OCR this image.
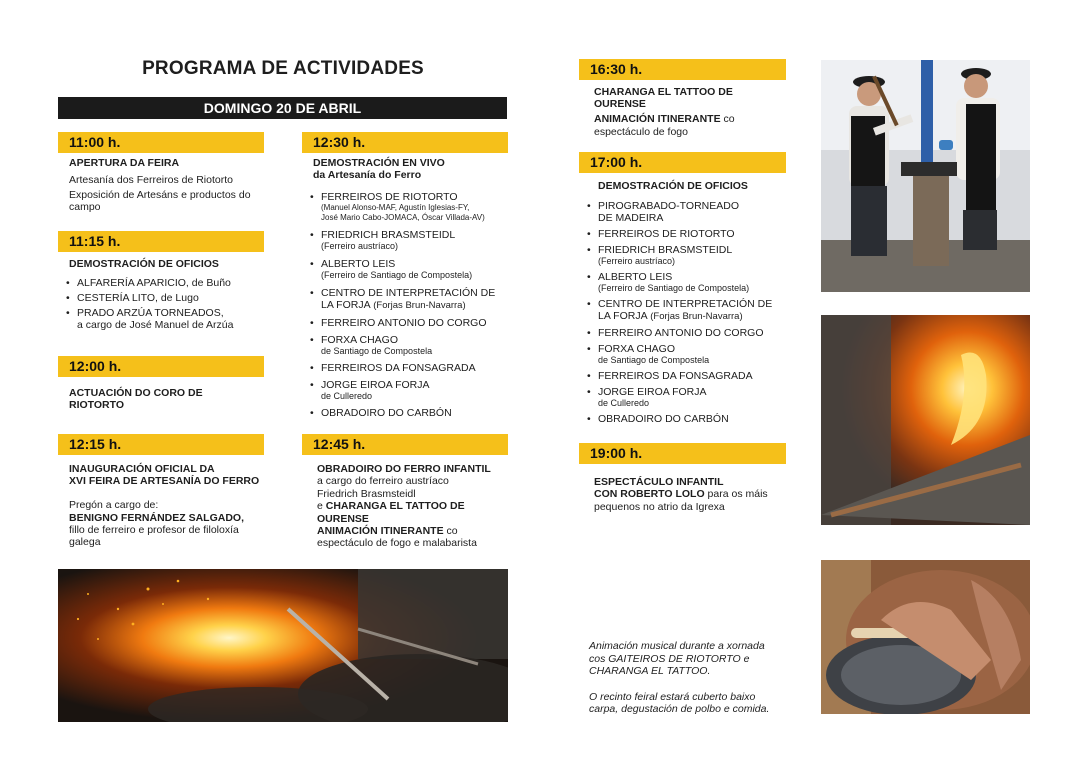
PROGRAMA DE ACTIVIDADES
DOMINGO 20 DE ABRIL
11:00 h.
APERTURA DA FEIRA
Artesanía dos Ferreiros de Riotorto
Exposición de Artesáns e productos do campo
11:15 h.
DEMOSTRACIÓN DE OFICIOS
• ALFARERÍA APARICIO, de Buño
• CESTERÍA LITO, de Lugo
• PRADO ARZÚA TORNEADOS,
a cargo de José Manuel de Arzúa
12:00 h.
ACTUACIÓN DO CORO DE
RIOTORTO
12:15 h.
INAUGURACIÓN OFICIAL DA
XVI FEIRA DE ARTESANÍA DO FERRO
Pregón a cargo de:
BENIGNO FERNÁNDEZ SALGADO,
fillo de ferreiro e profesor de filoloxía
galega
12:30 h.
DEMOSTRACIÓN EN VIVO
da Artesanía do Ferro
• FERREIROS DE RIOTORTO
(Manuel Alonso-MAF, Agustín Iglesias-FY,
José Mario Cabo-JOMACA, Óscar Villada-AV)
• FRIEDRICH BRASMSTEIDL
(Ferreiro austríaco)
• ALBERTO LEIS
(Ferreiro de Santiago de Compostela)
• CENTRO DE INTERPRETACIÓN DE
LA FORJA (Forjas Brun-Navarra)
• FERREIRO ANTONIO DO CORGO
• FORXA CHAGO
de Santiago de Compostela
• FERREIROS DA FONSAGRADA
• JORGE EIROA FORJA
de Culleredo
• OBRADOIRO DO CARBÓN
12:45 h.
OBRADOIRO DO FERRO INFANTIL
a cargo do ferreiro austríaco
Friedrich Brasmsteidl
e CHARANGA EL TATTOO DE
OURENSE
ANIMACIÓN ITINERANTE co
espectáculo de fogo e malabarista
16:30 h.
CHARANGA EL TATTOO DE
OURENSE
ANIMACIÓN ITINERANTE co
espectáculo de fogo
17:00 h.
DEMOSTRACIÓN DE OFICIOS
• PIROGRABADO-TORNEADO
DE MADEIRA
• FERREIROS DE RIOTORTO
• FRIEDRICH BRASMSTEIDL
(Ferreiro austríaco)
• ALBERTO LEIS
(Ferreiro de Santiago de Compostela)
• CENTRO DE INTERPRETACIÓN DE
LA FORJA (Forjas Brun-Navarra)
• FERREIRO ANTONIO DO CORGO
• FORXA CHAGO
de Santiago de Compostela
• FERREIROS DA FONSAGRADA
• JORGE EIROA FORJA
de Culleredo
• OBRADOIRO DO CARBÓN
19:00 h.
ESPECTÁCULO INFANTIL
CON ROBERTO LOLO para os máis
pequenos no atrio da Igrexa
Animación musical durante a xornada
cos GAITEIROS DE RIOTORTO e
CHARANGA EL TATTOO.
O recinto feiral estará cuberto baixo
carpa, degustación de polbo e comida.
